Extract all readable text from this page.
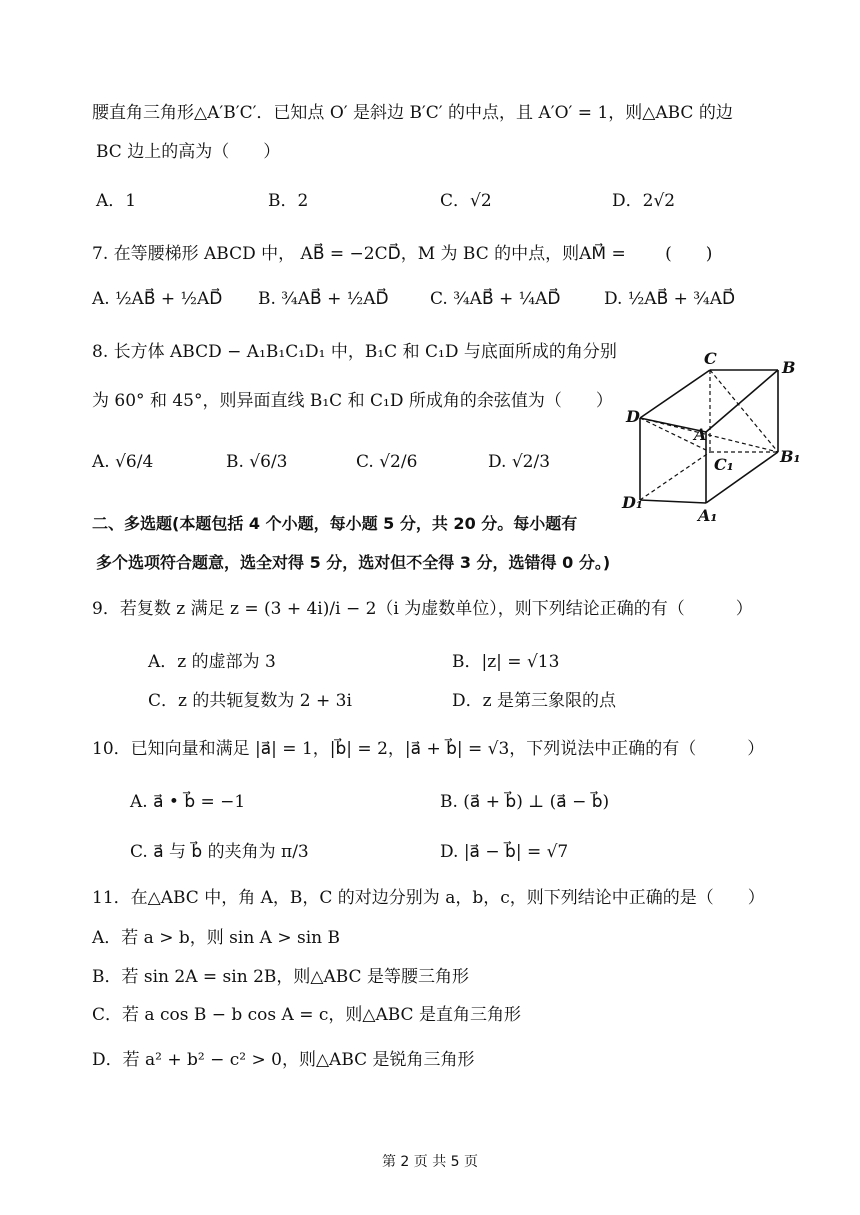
腰直角三角形△A′B′C′．已知点 O′ 是斜边 B′C′ 的中点，且 A′O′ = 1，则△ABC 的边
BC 边上的高为（　　）
A．1	B．2	C．√2	D．2√2
7. 在等腰梯形 ABCD 中， AB⃗ = −2CD⃗，M 为 BC 的中点，则AM⃗ = 　　(　　)
A. ½AB⃗ + ½AD⃗ B. ¾AB⃗ + ½AD⃗ C. ¾AB⃗ + ¼AD⃗	D. ½AB⃗ + ¾AD⃗
8. 长方体 ABCD − A₁B₁C₁D₁ 中，B₁C 和 C₁D 与底面所成的角分别
为 60° 和 45°，则异面直线 B₁C 和 C₁D 所成角的余弦值为（　　）
A. √6/4	B. √6/3	C. √2/6	D. √2/3
C	B
D
A
C₁	B₁
D₁
A₁
二、多选题(本题包括 4 个小题，每小题 5 分，共 20 分。每小题有
多个选项符合题意，选全对得 5 分，选对但不全得 3 分，选错得 0 分。)
9．若复数 z 满足 z = (3 + 4i)/i − 2（i 为虚数单位），则下列结论正确的有（　　　）
A．z 的虚部为 3	B．|z| = √13
C．z 的共轭复数为 2 + 3i	D．z 是第三象限的点
10．已知向量和满足 |a⃗| = 1，|b⃗| = 2，|a⃗ + b⃗| = √3，下列说法中正确的有（　　　）
A. a⃗ • b⃗ = −1	B. (a⃗ + b⃗) ⊥ (a⃗ − b⃗)
C. a⃗ 与 b⃗ 的夹角为 π/3	D. |a⃗ − b⃗| = √7
11．在△ABC 中，角 A，B，C 的对边分别为 a，b，c，则下列结论中正确的是（　　）
A．若 a > b，则 sin A > sin B
B．若 sin 2A = sin 2B，则△ABC 是等腰三角形
C．若 a cos B − b cos A = c，则△ABC 是直角三角形
D．若 a² + b² − c² > 0，则△ABC 是锐角三角形
第 2 页 共 5 页
